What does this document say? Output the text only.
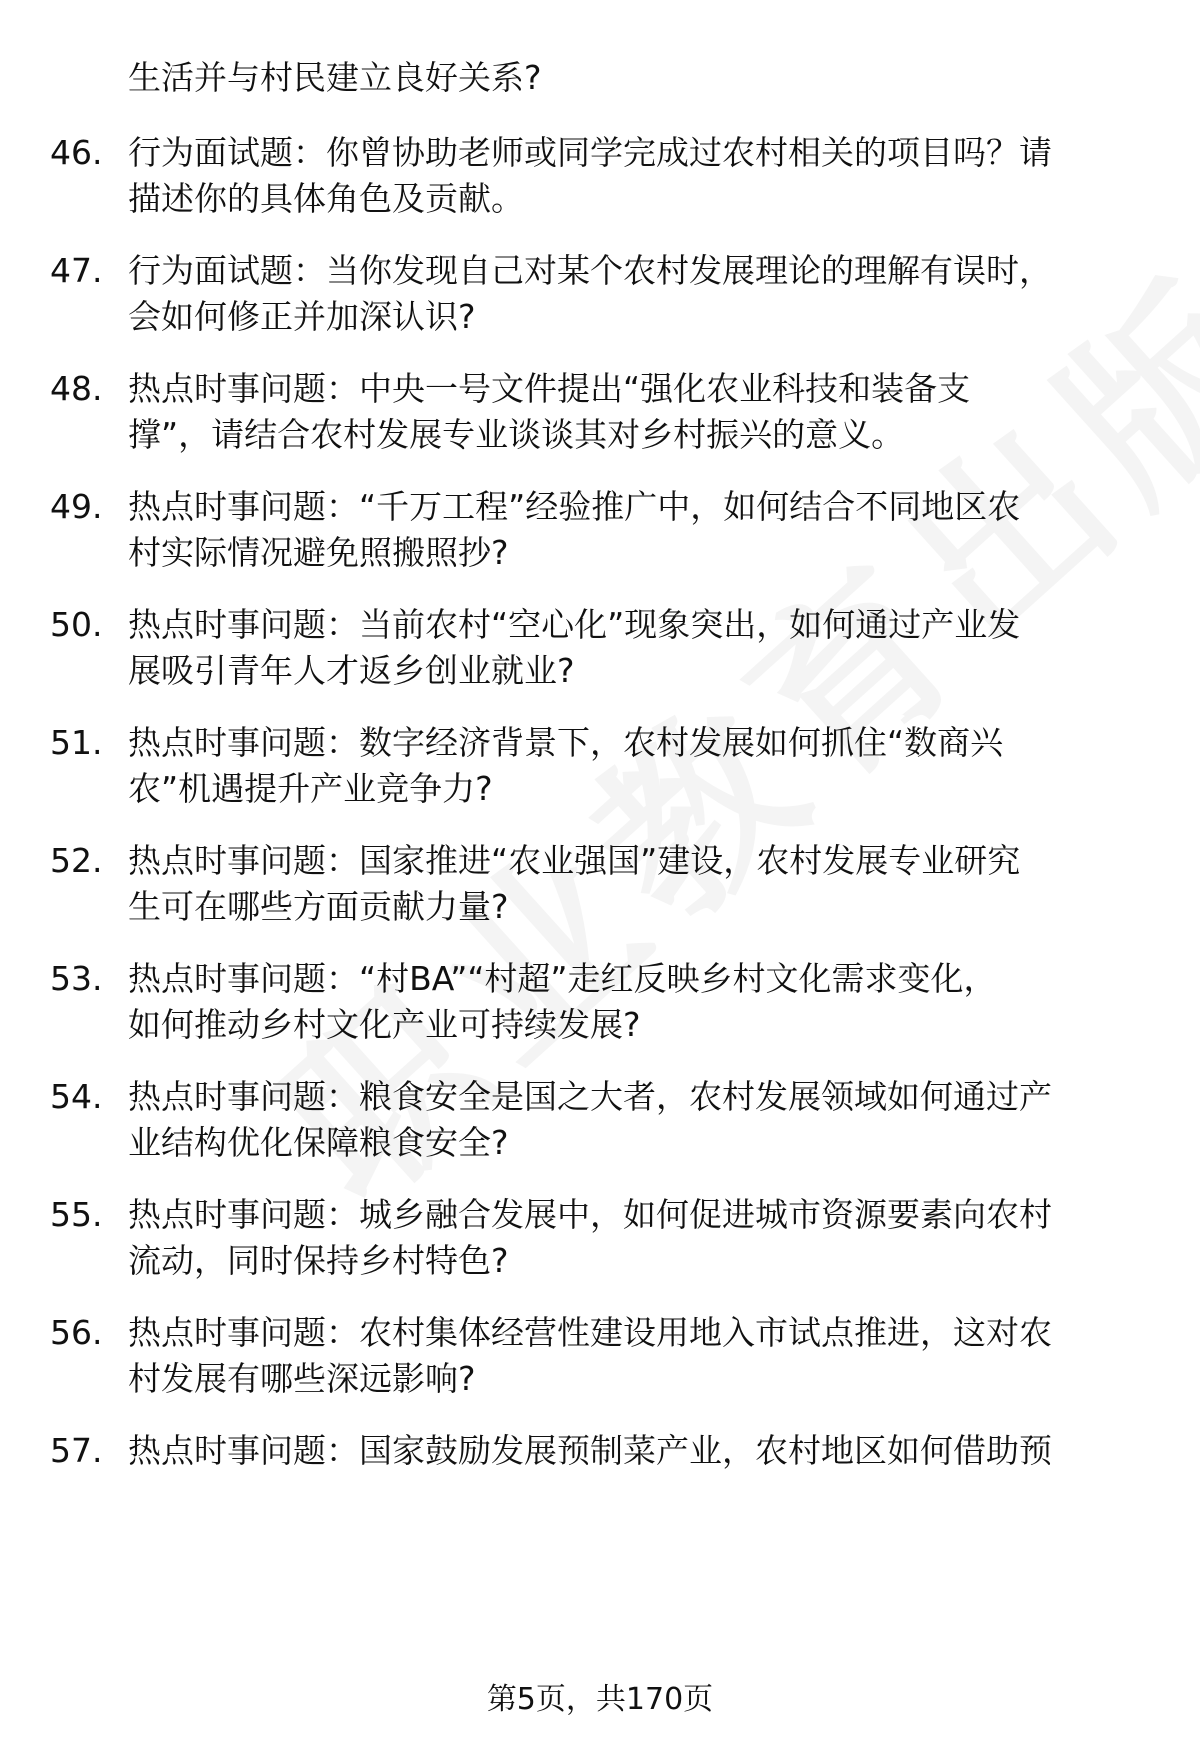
生活并与村民建立良好关系?
46. 行为面试题：你曾协助老师或同学完成过农村相关的项目吗？请
描述你的具体角色及贡献。
47. 行为面试题：当你发现自己对某个农村发展理论的理解有误时，
会如何修正并加深认识?
48. 热点时事问题：中央一号文件提出“强化农业科技和装备支
撑”，请结合农村发展专业谈谈其对乡村振兴的意义。
49. 热点时事问题：“千万工程”经验推广中，如何结合不同地区农
村实际情况避免照搬照抄?
50. 热点时事问题：当前农村“空心化”现象突出，如何通过产业发
展吸引青年人才返乡创业就业?
51. 热点时事问题：数字经济背景下，农村发展如何抓住“数商兴
农”机遇提升产业竞争力?
52. 热点时事问题：国家推进“农业强国”建设，农村发展专业研究
生可在哪些方面贡献力量?
53. 热点时事问题：“村BA”“村超”走红反映乡村文化需求变化，
如何推动乡村文化产业可持续发展?
54. 热点时事问题：粮食安全是国之大者，农村发展领域如何通过产
业结构优化保障粮食安全?
55. 热点时事问题：城乡融合发展中，如何促进城市资源要素向农村
流动，同时保持乡村特色?
56. 热点时事问题：农村集体经营性建设用地入市试点推进，这对农
村发展有哪些深远影响?
57. 热点时事问题：国家鼓励发展预制菜产业，农村地区如何借助预
第5页，共170页
